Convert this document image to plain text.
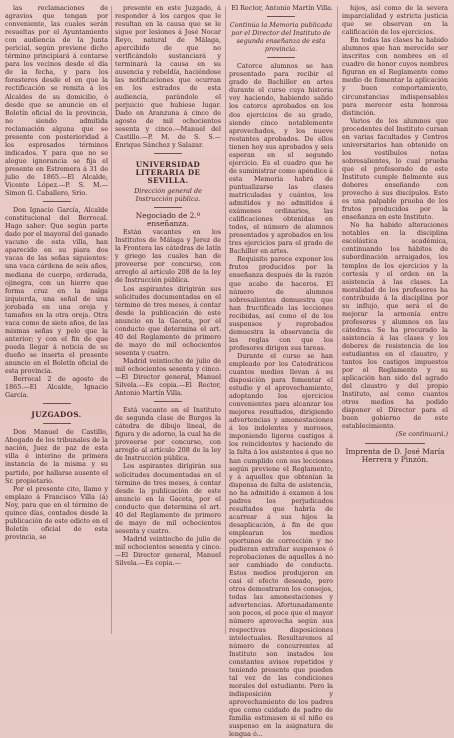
las reclamaciones de agravios que tengan por conveniente, las cuales serán resueltas por el Ayuntamiento con audiencia de la Junta pericial, según previene dicho término principiará á contarse para los vecinos desde el día de la fecha, y para los forasteros desde el en que la rectificación se remita á los Alcaldes de su domicilio, ó desde que se anuncie en el Boletín oficial de la provincia, no siendo admitida reclamación alguna que se presente con posterioridad á los espresados términos indicados. Y para que no se alegue ignorancia se fija el presente en Estremera á 31 de julio de 1865.—El Alcalde, Vicente López.—P. S. M.—Simon G. Caballero, Srio.

Don Ignacio García, Alcalde constitucional del Berrocal. Hago saber: Que según parte dado por el mayoral del ganado vacuno de esta villa, han aparecido en su piara dos vacas de las señas siguientes: una vaca cárdena de seis años, mediana de cuerpo, orderada, ojinegra, con un hierro que forma cruz en la nalga izquierda, una señal de una jorobada en una oreja y tamaños en la otra oreja. Otra vaca como de siete años, de las mismas señas y pelo que la anterior; y con el fin de que pueda llegar á noticia de su dueño se inserta el presente anuncio en el Boletín oficial de esta provincia.

Berrocal 2 de agosto de 1865.—El Alcalde, Ignacio García.

JUZGADOS.

Don Manuel de Castillo, Abogado de los tribunales de la nación, Juez de paz de esta villa é interino de primera instancia de la misma y su partido, por hallarse ausente el Sr. propietario.

Por el presente cito, llamo y emplazo á Francisco Villa (á) Noy, para que en el término de quince días, contados desde la publicación de este edicto en el Boletín oficial de esta provincia, se

presente en este Juzgado, á responder á los cargos que le resultan en la causa que se le sigue por lesiones á José Nocar Reyo, natural de Málaga, apercibido de que no verificándolo sustanciará y terminará la causa en su ausencia y rebeldía, haciéndose las notificaciones que ocurran en los estrados de esta audiencia, parándole el perjuicio que hubiese lugar. Dado en Aranzuna á cinco de agosto de mil ochocientos sesenta y cinco.—Manuel del Castillo.—P. M. de S. S.—Enrique Sánchez y Salazar.

UNIVERSIDAD LITERARIA DE SEVILLA.
Dirección general de Instrucción pública.
Negociado de 2.º enseñanza.

Están vacantes en los Institutos de Málaga y Jerez de la Frontera las cátedras de latín y griego las cuales han de proveerse por concurso, con arreglo al artículo 208 de la ley de Instrucción pública.

Los aspirantes dirigirán sus solicitudes documentadas en el término de tres meses, á contar desde la publicación de este anuncio en la Gaceta, por el conducto que determina el art. 40 del Reglamento de primero de mayo de mil ochocientos sesenta y cuatro.

Madrid veintiocho de julio de mil ochocientos sesenta y cinco.—El Director general, Manuel Silvela.—Es copia.—El Rector, Antonio Martín Villa.

Está vacante en el Instituto de segunda clase de Burgos la cátedra de dibujo lineal, de figura y de adorno, la cual ha de proveerse por concurso, con arreglo al artículo 208 de la ley de Instrucción pública.

Los aspirantes dirigirán sus solicitudes documentadas en el término de tres meses, á contar desde la publicación de este anuncio en la Gaceta, por el conducto que determina el art. 40 del Reglamento de primero de mayo de mil ochocientos sesenta y cuatro.

Madrid veintiocho de julio de mil ochocientos sesenta y cinco.—El Director general, Manuel Silvela.—Es copia.—

El Rector, Antonio Martín Villa.

Continúa la Memoria publicada por el Director del Instituto de segunda enseñanza de esta provincia.

Catorce alumnos se han presentado para recibir el grado de Bachiller en artes durante el curso cuya historia voy haciendo, habiendo salido los catorce aprobados en los dos ejercicios de su grado, siendo cinco notablemente aprovechados, y los nueve restantes aprobados. De ellos tienen hoy sus aprobados y seis esperan en el segundo ejercicio. Es el cuadro que he de suministrar como apéndice á esta Memoria habrá de puntualizarse las clases matriculadas y cuántos, los admitidos y no admitidos á exámenes ordinarios, las calificaciones obtenidas en todos, el número de alumnos presentados y aprobados en los tres ejercicios para el grado de Bachiller en artes.

Requisito parece exponer los frutos producidos por la enseñanza después de la razón que acabo de haceros. El número de alumnos sobresalientes demuestra que han fructificado las lecciones recibidas, así como el de los suspensos y reprobados demuestra la observancia de las reglas con que los profesores dirigen sus tareas.

Durante el curso se han empleado por los Catedráticos cuantos medios llevan á su disposición para fomentar el estudio y el aprovechamiento, adoptando los ejercicios convenientes para alcanzar los mejores resultados, dirigiendo advertencias y amonestaciones á los indolentes y morosos, imponiendo ligeros castigos á los reincidentes y haciendo de la falta á los asistentes á que no han cumplido con sus lecciones según previene el Reglamento, y á aquellos que obtenían la dispensa de falta de asistencia, no ha admitido á examen á los padres los perjudicados resultados que habría de acarrear á sus hijos la desaplicación, á fin de que emplearan los medios oportunos de corrección y no pudieran extrañar suspensos ó reprobaciones de aquellos á no ser cambiado de conducta. Estos medios produjeron en casi el efecto deseado, pero otros demostraron los consejos, todas las amonestaciones y advertencias. Afortunadamente son pocos, el poco que el mayor número aprovecha según sus respectivas disposiciones intelectuales. Resultaremos al número de concurrentes al Instituto son instados los constantes avisos repetidos y teniendo presente que pueden tal vez de las condiciones morales del estudiante. Pero la indisposición y aprovechamiento de los padres que como cuidado de padre de familia estimasen si el niño es suspenso en la asignatura de lengua ó...

hijos, así como de la severa imparcialidad y estricta justicia que se observan en la calificación de los ejercicios.

En todas las clases ha habido alumnos que han merecido ser inscritos con nombres en el cuadro de honor cuyos nombres figuran en el Reglamento como medio de fomentar la aplicación y buen comportamiento, circunstancias indispensables para merecer esta honrosa distinción.

Varios de los alumnos que procedentes del Instituto cursan en varias facultades y Centros universitarios han obtenido en los vestíbulos notas sobresalientes, lo cual prueba que el profesorado de este Instituto cumple fielmente sus deberes enseñando con provecho á sus discípulos. Esto es una palpable prueba de los frutos producidos por la enseñanza en este Instituto.

No ha habido alteraciones notables en la disciplina escolástica académica, continuando los hábitos de subordinación arraigados, los templos de los ejercicios y la cortesía y el orden en la asistencia á las clases. La moralidad de los profesores ha contribuido á la disciplina por su influjo, que será el de mejorar la armonía entre profesores y alumnos en las cátedras. Se ha procurado la asistencia á las clases y los deberes de resistencia de los estudiantes en el claustro, y tantos los castigos impuestos por el Reglamento y su aplicación han sido del agrado del claustro y del propio Instituto, así como cuantos otros medios ha podido disponer el Director para el buen gobierno de este establecimiento.

(Se continuará.)

Imprenta de D. José María Herrera y Pinzón.
